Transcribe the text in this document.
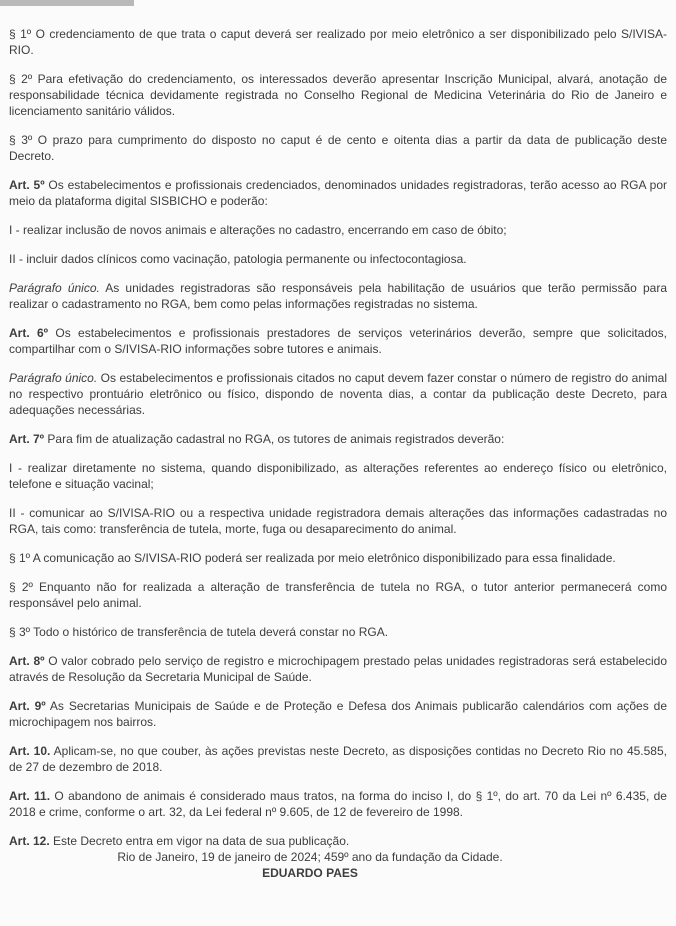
§ 1º O credenciamento de que trata o caput deverá ser realizado por meio eletrônico a ser disponibilizado pelo S/IVISA-RIO.

§ 2º Para efetivação do credenciamento, os interessados deverão apresentar Inscrição Municipal, alvará, anotação de responsabilidade técnica devidamente registrada no Conselho Regional de Medicina Veterinária do Rio de Janeiro e licenciamento sanitário válidos.

§ 3º O prazo para cumprimento do disposto no caput é de cento e oitenta dias a partir da data de publicação deste Decreto.

Art. 5º Os estabelecimentos e profissionais credenciados, denominados unidades registradoras, terão acesso ao RGA por meio da plataforma digital SISBICHO e poderão:

I - realizar inclusão de novos animais e alterações no cadastro, encerrando em caso de óbito;

II - incluir dados clínicos como vacinação, patologia permanente ou infectocontagiosa.

Parágrafo único. As unidades registradoras são responsáveis pela habilitação de usuários que terão permissão para realizar o cadastramento no RGA, bem como pelas informações registradas no sistema.

Art. 6º Os estabelecimentos e profissionais prestadores de serviços veterinários deverão, sempre que solicitados, compartilhar com o S/IVISA-RIO informações sobre tutores e animais.

Parágrafo único. Os estabelecimentos e profissionais citados no caput devem fazer constar o número de registro do animal no respectivo prontuário eletrônico ou físico, dispondo de noventa dias, a contar da publicação deste Decreto, para adequações necessárias.

Art. 7º Para fim de atualização cadastral no RGA, os tutores de animais registrados deverão:

I - realizar diretamente no sistema, quando disponibilizado, as alterações referentes ao endereço físico ou eletrônico, telefone e situação vacinal;

II - comunicar ao S/IVISA-RIO ou a respectiva unidade registradora demais alterações das informações cadastradas no RGA, tais como: transferência de tutela, morte, fuga ou desaparecimento do animal.

§ 1º A comunicação ao S/IVISA-RIO poderá ser realizada por meio eletrônico disponibilizado para essa finalidade.

§ 2º Enquanto não for realizada a alteração de transferência de tutela no RGA, o tutor anterior permanecerá como responsável pelo animal.

§ 3º Todo o histórico de transferência de tutela deverá constar no RGA.

Art. 8º O valor cobrado pelo serviço de registro e microchipagem prestado pelas unidades registradoras será estabelecido através de Resolução da Secretaria Municipal de Saúde.

Art. 9º As Secretarias Municipais de Saúde e de Proteção e Defesa dos Animais publicarão calendários com ações de microchipagem nos bairros.

Art. 10. Aplicam-se, no que couber, às ações previstas neste Decreto, as disposições contidas no Decreto Rio no 45.585, de 27 de dezembro de 2018.

Art. 11. O abandono de animais é considerado maus tratos, na forma do inciso I, do § 1º, do art. 70 da Lei nº 6.435, de 2018 e crime, conforme o art. 32, da Lei federal nº 9.605, de 12 de fevereiro de 1998.

Art. 12. Este Decreto entra em vigor na data de sua publicação.

Rio de Janeiro, 19 de janeiro de 2024; 459º ano da fundação da Cidade.

EDUARDO PAES
